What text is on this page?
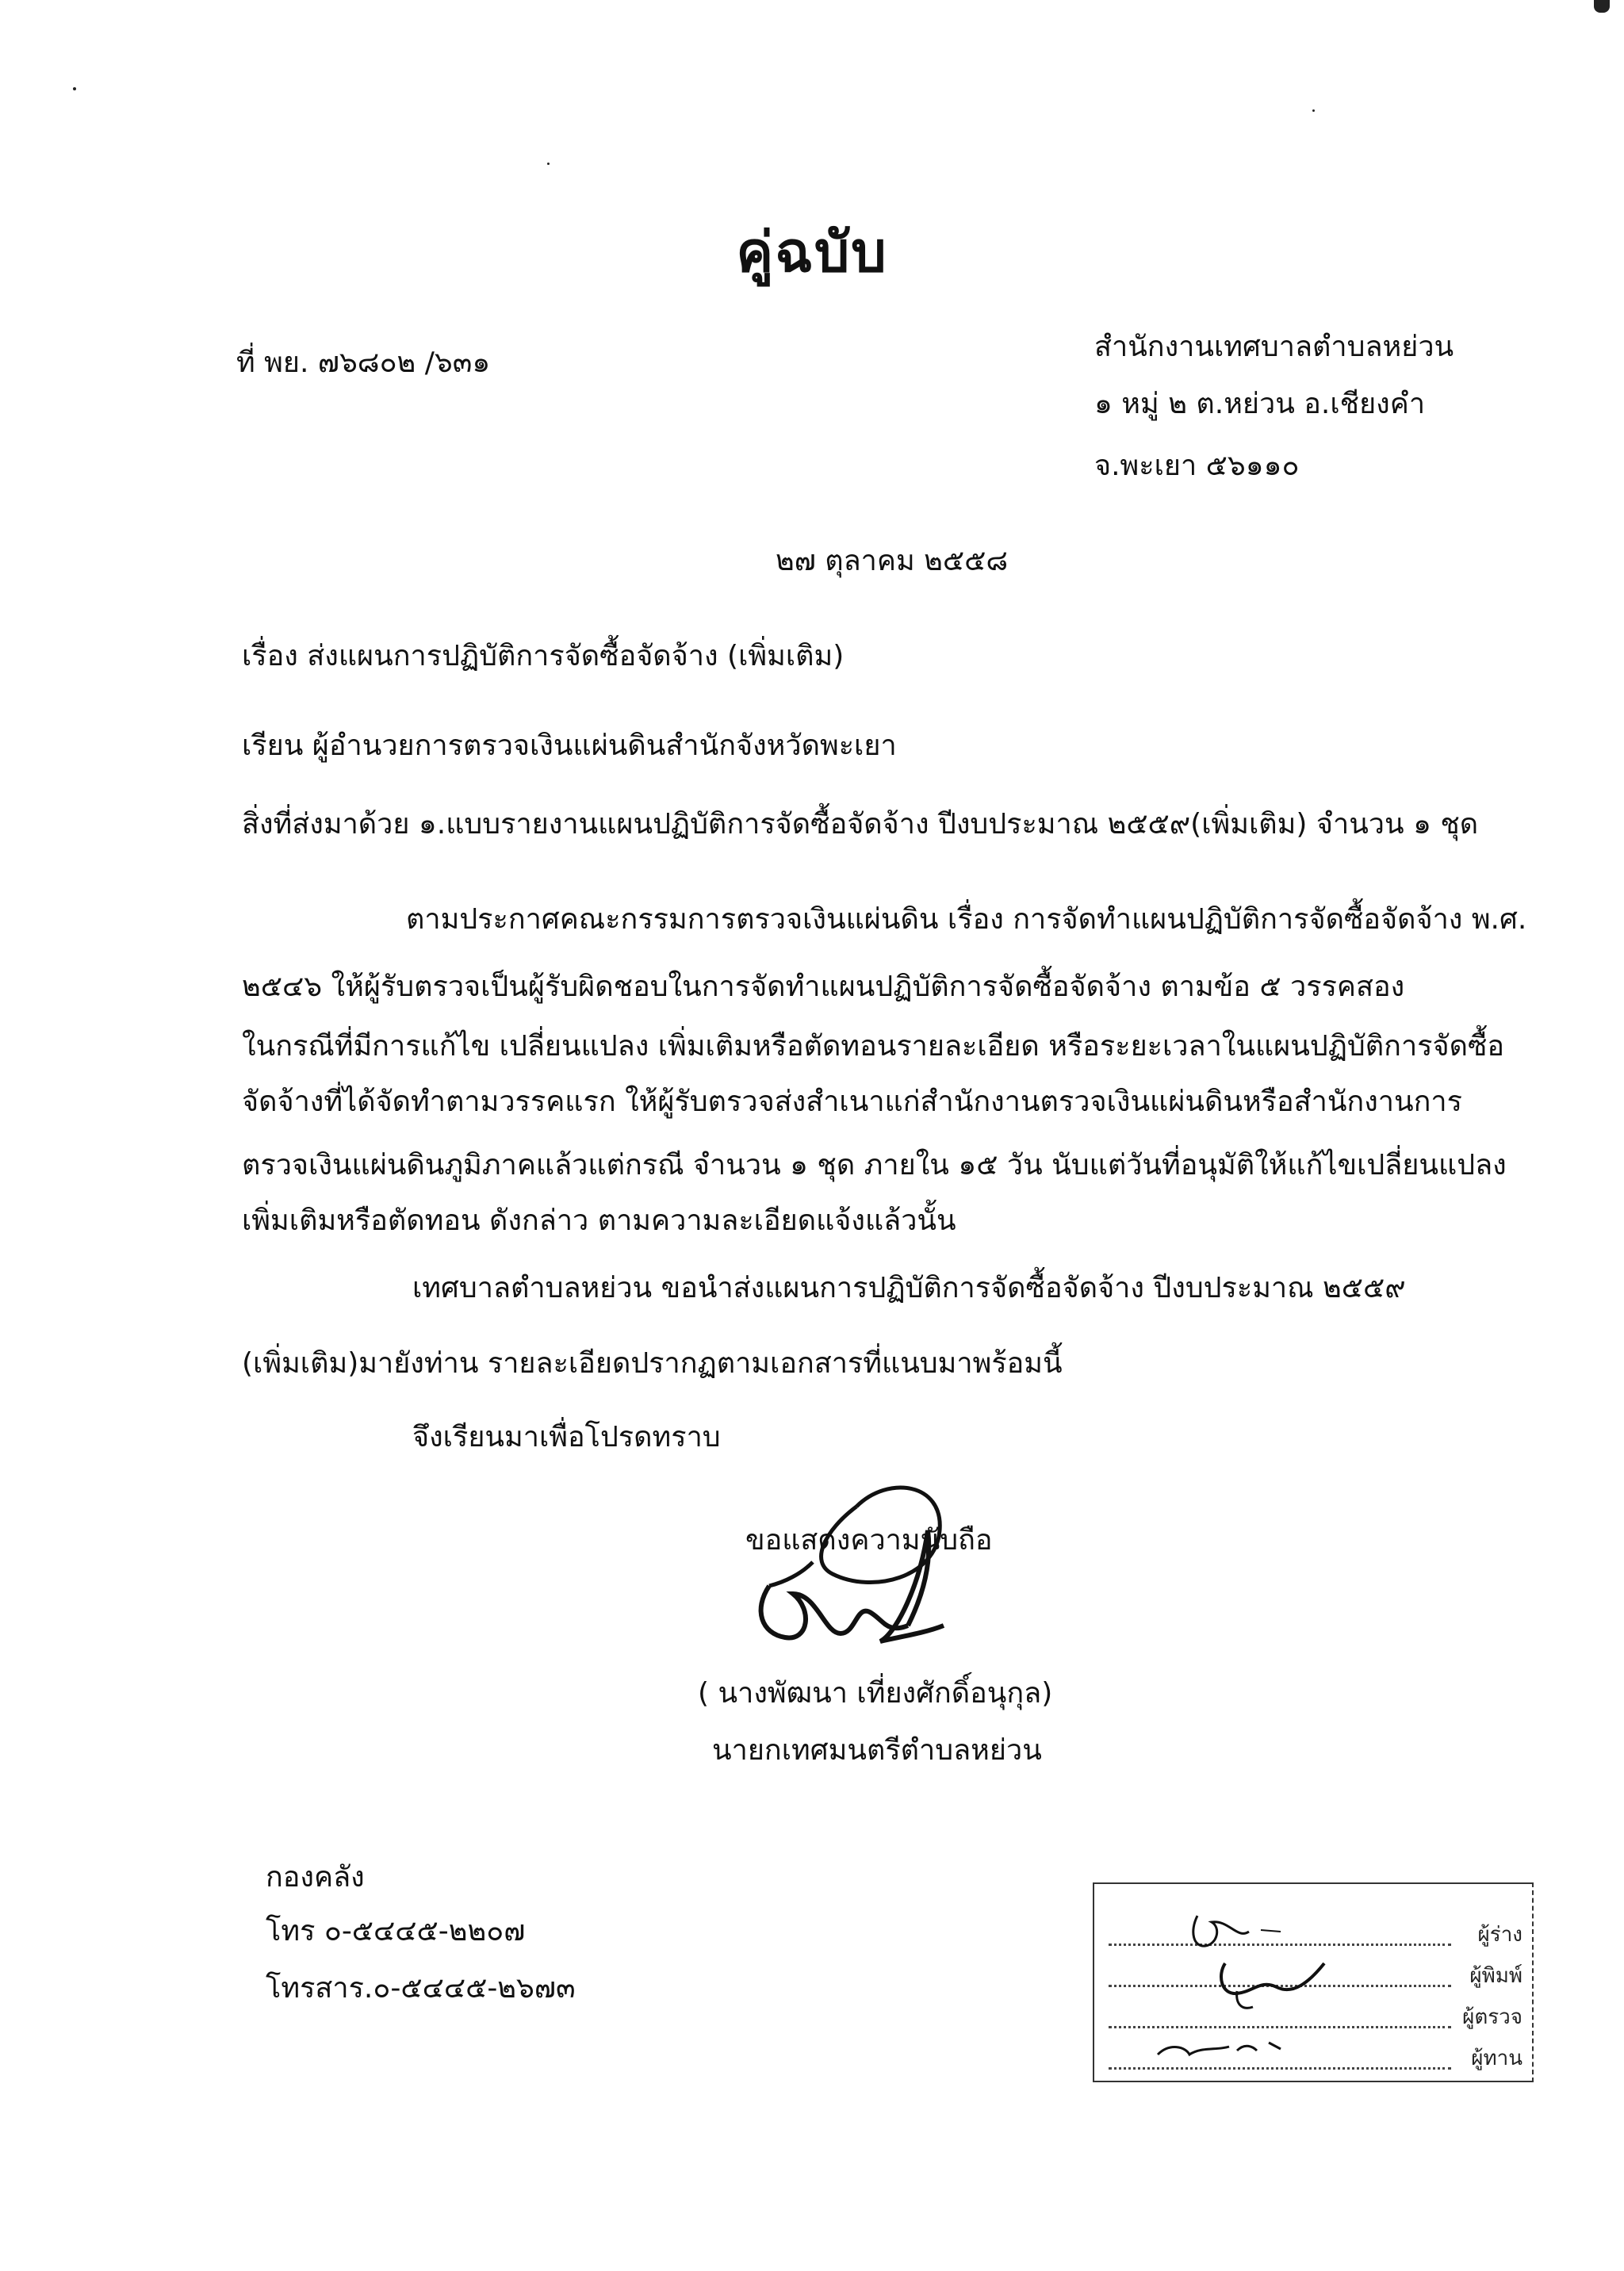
คู่ฉบับ
ที่ พย. ๗๖๘๐๒ /๖๓๑	สำนักงานเทศบาลตำบลหย่วน
๑ หมู่ ๒ ต.หย่วน อ.เชียงคำ
จ.พะเยา ๕๖๑๑๐
๒๗ ตุลาคม ๒๕๕๘
เรื่อง ส่งแผนการปฏิบัติการจัดซื้อจัดจ้าง (เพิ่มเติม)
เรียน ผู้อำนวยการตรวจเงินแผ่นดินสำนักจังหวัดพะเยา
สิ่งที่ส่งมาด้วย ๑.แบบรายงานแผนปฏิบัติการจัดซื้อจัดจ้าง ปีงบประมาณ ๒๕๕๙(เพิ่มเติม) จำนวน ๑ ชุด
ตามประกาศคณะกรรมการตรวจเงินแผ่นดิน เรื่อง การจัดทำแผนปฏิบัติการจัดซื้อจัดจ้าง พ.ศ.
๒๕๔๖ ให้ผู้รับตรวจเป็นผู้รับผิดชอบในการจัดทำแผนปฏิบัติการจัดซื้อจัดจ้าง ตามข้อ ๕ วรรคสอง
ในกรณีที่มีการแก้ไข เปลี่ยนแปลง เพิ่มเติมหรือตัดทอนรายละเอียด หรือระยะเวลาในแผนปฏิบัติการจัดซื้อ
จัดจ้างที่ได้จัดทำตามวรรคแรก ให้ผู้รับตรวจส่งสำเนาแก่สำนักงานตรวจเงินแผ่นดินหรือสำนักงานการ
ตรวจเงินแผ่นดินภูมิภาคแล้วแต่กรณี จำนวน ๑ ชุด ภายใน ๑๕ วัน นับแต่วันที่อนุมัติให้แก้ไขเปลี่ยนแปลง
เพิ่มเติมหรือตัดทอน ดังกล่าว ตามความละเอียดแจ้งแล้วนั้น
เทศบาลตำบลหย่วน ขอนำส่งแผนการปฏิบัติการจัดซื้อจัดจ้าง ปีงบประมาณ ๒๕๕๙
(เพิ่มเติม)มายังท่าน รายละเอียดปรากฏตามเอกสารที่แนบมาพร้อมนี้
จึงเรียนมาเพื่อโปรดทราบ
ขอแสดงความนับถือ
( นางพัฒนา เที่ยงศักดิ์อนุกุล)
นายกเทศมนตรีตำบลหย่วน
กองคลัง
โทร ๐-๕๔๔๕-๒๒๐๗
โทรสาร.๐-๕๔๔๕-๒๖๗๓
ผู้ร่าง
ผู้พิมพ์
ผู้ตรวจ
ผู้ทาน
